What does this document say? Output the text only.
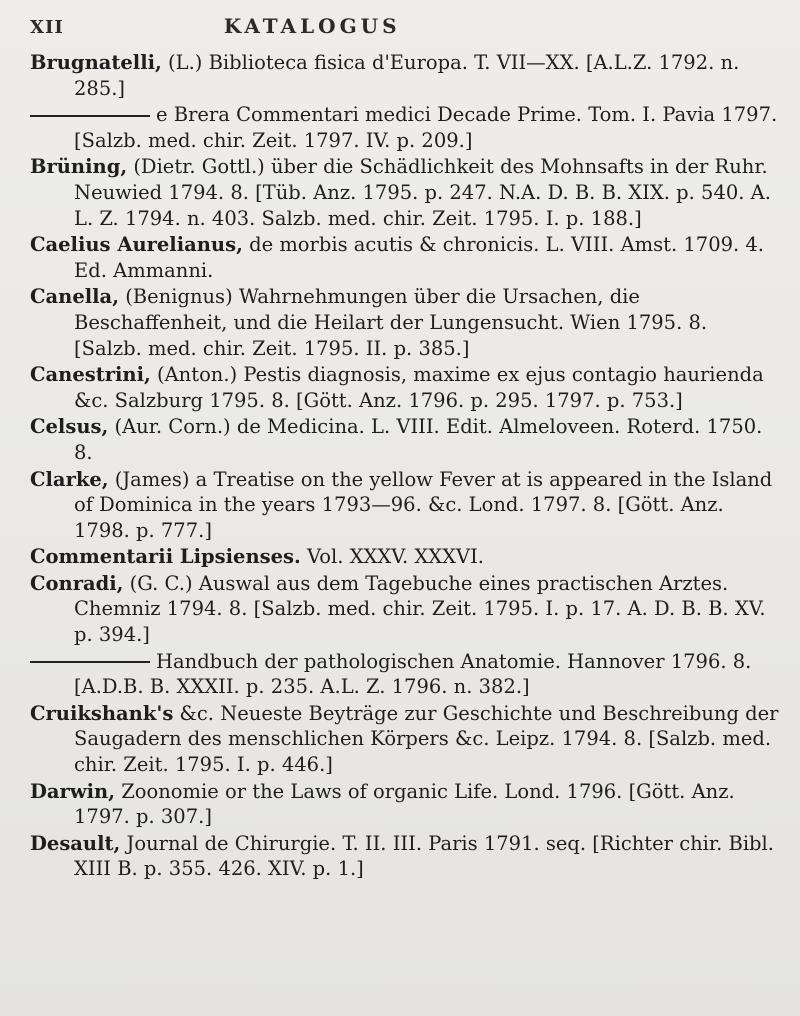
XII	KATALOGUS

Brugnatelli, (L.) Biblioteca fisica d'Europa. T. VII—XX. [A.L.Z. 1792. n. 285.]

e Brera Commentari medici Decade Prime. Tom. I. Pavia 1797. [Salzb. med. chir. Zeit. 1797. IV. p. 209.]

Brüning, (Dietr. Gottl.) über die Schädlichkeit des Mohnsafts in der Ruhr. Neuwied 1794. 8. [Tüb. Anz. 1795. p. 247. N.A. D. B. B. XIX. p. 540. A. L. Z. 1794. n. 403. Salzb. med. chir. Zeit. 1795. I. p. 188.]

Caelius Aurelianus, de morbis acutis & chronicis. L. VIII. Amst. 1709. 4. Ed. Ammanni.

Canella, (Benignus) Wahrnehmungen über die Ursachen, die Beschaffenheit, und die Heilart der Lungensucht. Wien 1795. 8. [Salzb. med. chir. Zeit. 1795. II. p. 385.]

Canestrini, (Anton.) Pestis diagnosis, maxime ex ejus contagio haurienda &c. Salzburg 1795. 8. [Gött. Anz. 1796. p. 295. 1797. p. 753.]

Celsus, (Aur. Corn.) de Medicina. L. VIII. Edit. Almeloveen. Roterd. 1750. 8.

Clarke, (James) a Treatise on the yellow Fever at is appeared in the Island of Dominica in the years 1793—96. &c. Lond. 1797. 8. [Gött. Anz. 1798. p. 777.]

Commentarii Lipsienses. Vol. XXXV. XXXVI.

Conradi, (G. C.) Auswal aus dem Tagebuche eines practischen Arztes. Chemniz 1794. 8. [Salzb. med. chir. Zeit. 1795. I. p. 17. A. D. B. B. XV. p. 394.]

Handbuch der pathologischen Anatomie. Hannover 1796. 8. [A.D.B. B. XXXII. p. 235. A.L. Z. 1796. n. 382.]

Cruikshank's &c. Neueste Beyträge zur Geschichte und Beschreibung der Saugadern des menschlichen Körpers &c. Leipz. 1794. 8. [Salzb. med. chir. Zeit. 1795. I. p. 446.]

Darwin, Zoonomie or the Laws of organic Life. Lond. 1796. [Gött. Anz. 1797. p. 307.]

Desault, Journal de Chirurgie. T. II. III. Paris 1791. seq. [Richter chir. Bibl. XIII B. p. 355. 426. XIV. p. 1.]
